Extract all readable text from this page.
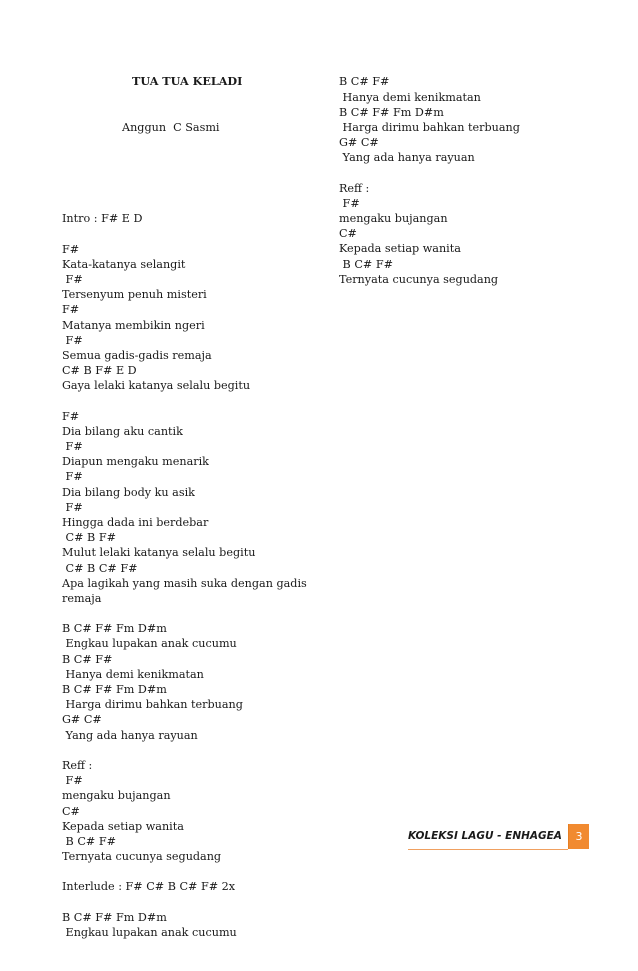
TUA TUA KELADI

Anggun  C Sasmi

Intro : F# E D
F#
Kata-katanya selangit
F#
Tersenyum penuh misteri
F#
Matanya membikin ngeri
F#
Semua gadis-gadis remaja
C# B F# E D
Gaya lelaki katanya selalu begitu
F#
Dia bilang aku cantik
F#
Diapun mengaku menarik
F#
Dia bilang body ku asik
F#
Hingga dada ini berdebar
C# B F#
Mulut lelaki katanya selalu begitu
C# B C# F#
Apa lagikah yang masih suka dengan gadis
remaja
B C# F# Fm D#m
Engkau lupakan anak cucumu
B C# F#
Hanya demi kenikmatan
B C# F# Fm D#m
Harga dirimu bahkan terbuang
G# C#
Yang ada hanya rayuan
Reff :
F#
mengaku bujangan
C#
Kepada setiap wanita
B C# F#
Ternyata cucunya segudang
Interlude : F# C# B C# F# 2x
B C# F# Fm D#m
Engkau lupakan anak cucumu

B C# F#
Hanya demi kenikmatan
B C# F# Fm D#m
Harga dirimu bahkan terbuang
G# C#
Yang ada hanya rayuan
Reff :
F#
mengaku bujangan
C#
Kepada setiap wanita
B C# F#
Ternyata cucunya segudang

KOLEKSI LAGU - ENHAGEA	3
